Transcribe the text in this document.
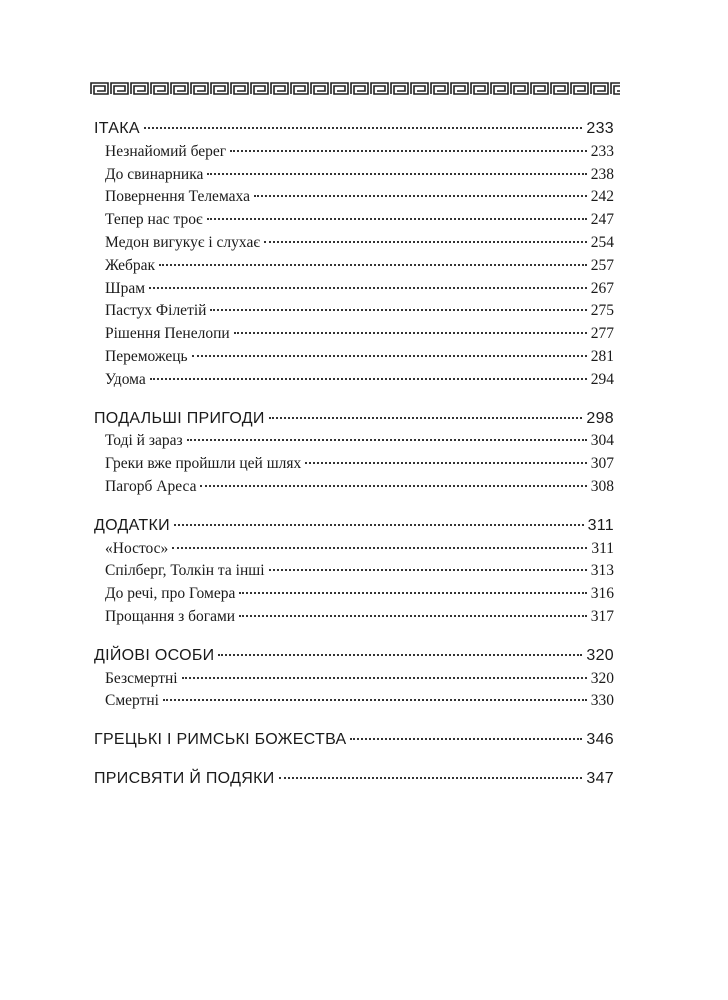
ІТАКА	233
Незнайомий берег	233
До свинарника	238
Повернення Телемаха	242
Тепер нас троє	247
Медон вигукує і слухає	254
Жебрак	257
Шрам	267
Пастух Філетій	275
Рішення Пенелопи	277
Переможець	281
Удома	294
ПОДАЛЬШІ ПРИГОДИ	298
Тоді й зараз	304
Греки вже пройшли цей шлях	307
Пагорб Ареса	308
ДОДАТКИ	311
«Ностос»	311
Спілберг, Толкін та інші	313
До речі, про Гомера	316
Прощання з богами	317
ДІЙОВІ ОСОБИ	320
Безсмертні	320
Смертні	330
ГРЕЦЬКІ І РИМСЬКІ БОЖЕСТВА	346
ПРИСВЯТИ Й ПОДЯКИ	347
